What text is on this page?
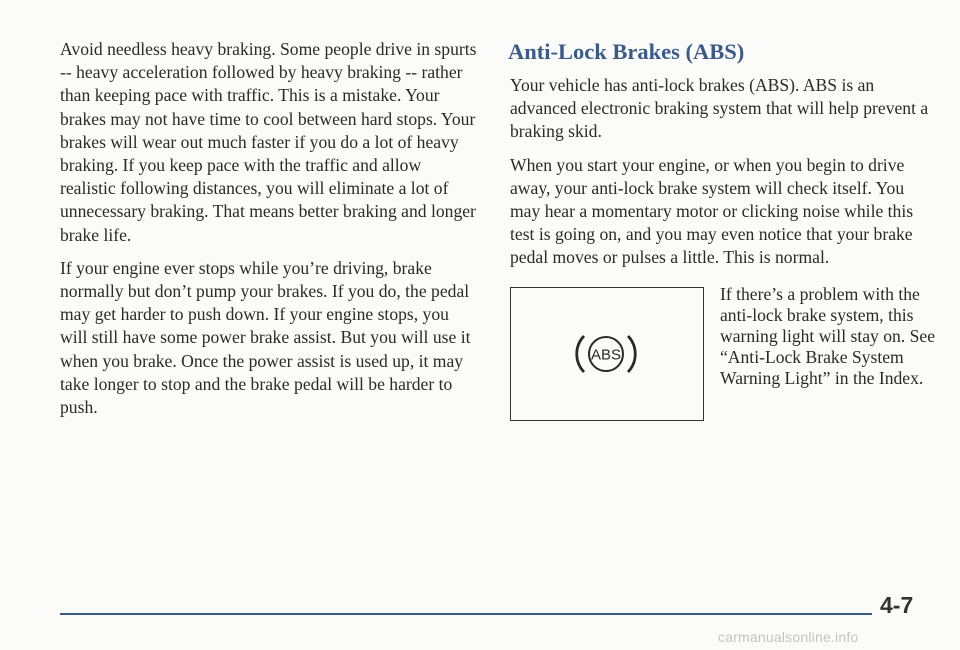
Avoid needless heavy braking. Some people drive in spurts -- heavy acceleration followed by heavy braking -- rather than keeping pace with traffic. This is a mistake. Your brakes may not have time to cool between hard stops. Your brakes will wear out much faster if you do a lot of heavy braking. If you keep pace with the traffic and allow realistic following distances, you will eliminate a lot of unnecessary braking. That means better braking and longer brake life.

If your engine ever stops while you’re driving, brake normally but don’t pump your brakes. If you do, the pedal may get harder to push down. If your engine stops, you will still have some power brake assist. But you will use it when you brake. Once the power assist is used up, it may take longer to stop and the brake pedal will be harder to push.

Anti-Lock Brakes (ABS)

Your vehicle has anti-lock brakes (ABS). ABS is an advanced electronic braking system that will help prevent a braking skid.

When you start your engine, or when you begin to drive away, your anti-lock brake system will check itself. You may hear a momentary motor or clicking noise while this test is going on, and you may even notice that your brake pedal moves or pulses a little. This is normal.

ABS

If there’s a problem with the anti-lock brake system, this warning light will stay on. See “Anti-Lock Brake System Warning Light” in the Index.

4-7
carmanualsonline.info
